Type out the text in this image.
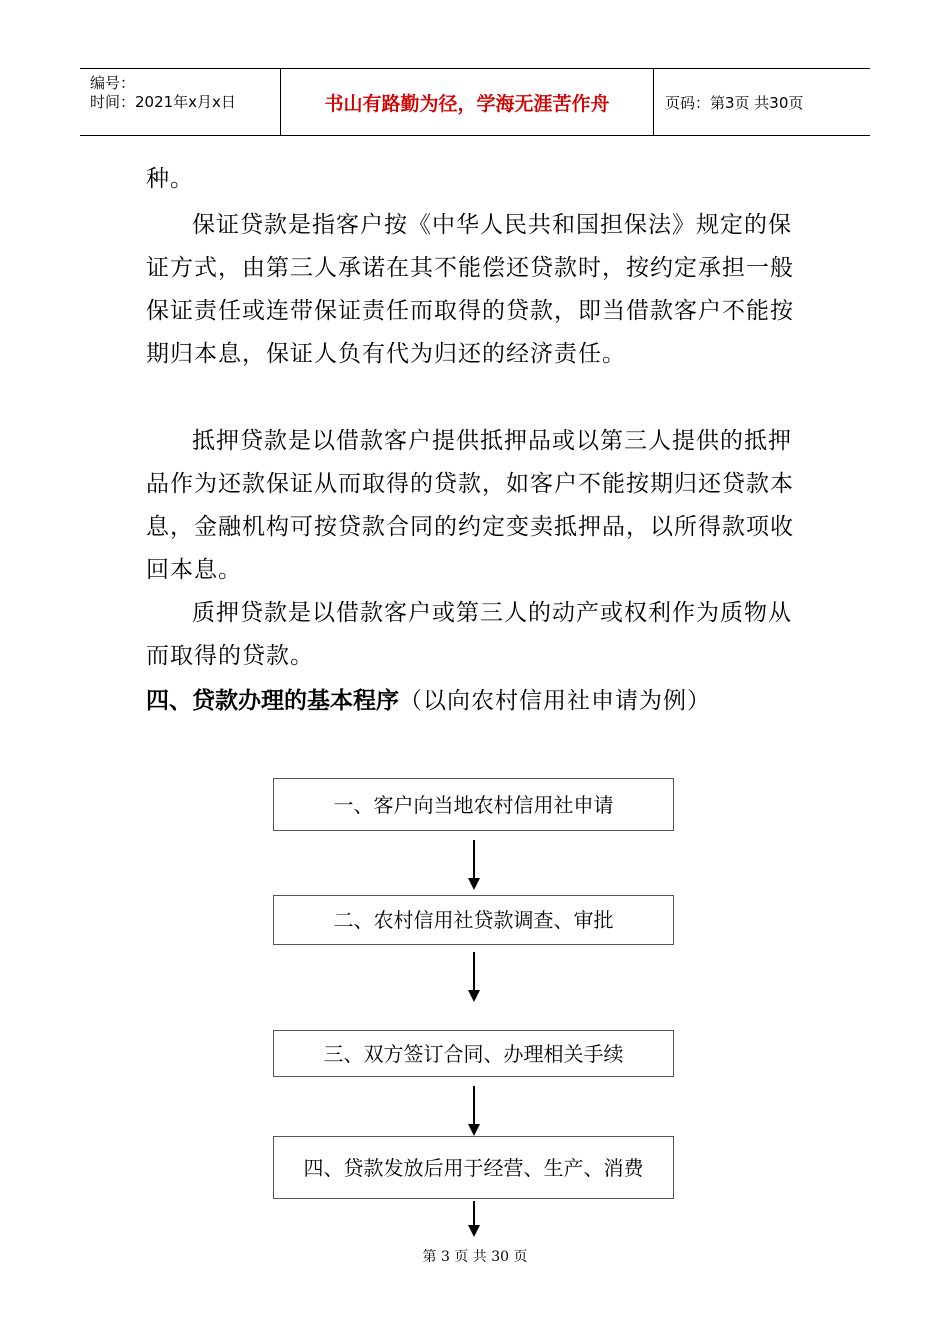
编号：
时间：2021年x月x日	书山有路勤为径，学海无涯苦作舟	页码：第3页 共30页

种。

保证贷款是指客户按《中华人民共和国担保法》规定的保证方式，由第三人承诺在其不能偿还贷款时，按约定承担一般保证责任或连带保证责任而取得的贷款，即当借款客户不能按期归本息，保证人负有代为归还的经济责任。

抵押贷款是以借款客户提供抵押品或以第三人提供的抵押品作为还款保证从而取得的贷款，如客户不能按期归还贷款本息，金融机构可按贷款合同的约定变卖抵押品，以所得款项收回本息。

质押贷款是以借款客户或第三人的动产或权利作为质物从而取得的贷款。

四、贷款办理的基本程序（以向农村信用社申请为例）
一、客户向当地农村信用社申请
二、农村信用社贷款调查、审批
三、双方签订合同、办理相关手续
四、贷款发放后用于经营、生产、消费
第 3 页 共 30 页
